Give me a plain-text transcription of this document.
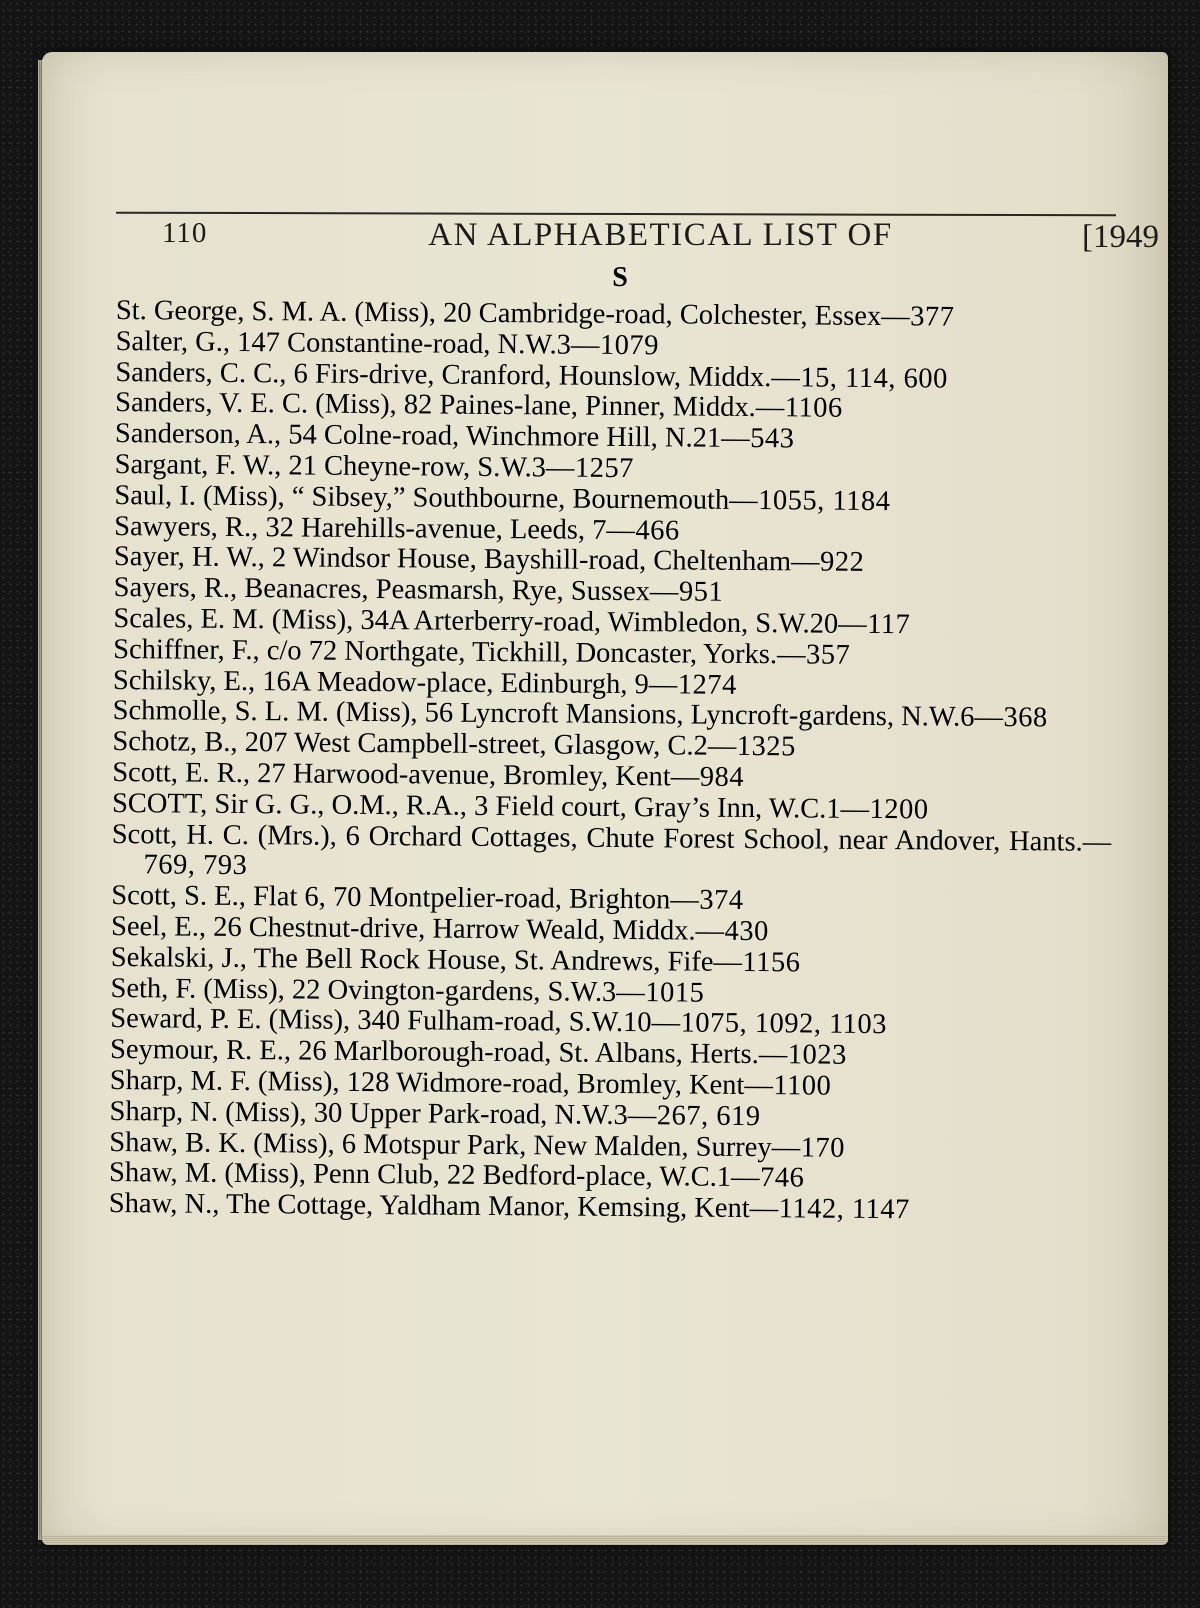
110	AN ALPHABETICAL LIST OF	[1949
S

St. George, S. M. A. (Miss), 20 Cambridge-road, Colchester, Essex—377

Salter, G., 147 Constantine-road, N.W.3—1079

Sanders, C. C., 6 Firs-drive, Cranford, Hounslow, Middx.—15, 114, 600

Sanders, V. E. C. (Miss), 82 Paines-lane, Pinner, Middx.—1106

Sanderson, A., 54 Colne-road, Winchmore Hill, N.21—543

Sargant, F. W., 21 Cheyne-row, S.W.3—1257

Saul, I. (Miss), “ Sibsey,” Southbourne, Bournemouth—1055, 1184

Sawyers, R., 32 Harehills-avenue, Leeds, 7—466

Sayer, H. W., 2 Windsor House, Bayshill-road, Cheltenham—922

Sayers, R., Beanacres, Peasmarsh, Rye, Sussex—951

Scales, E. M. (Miss), 34A Arterberry-road, Wimbledon, S.W.20—117

Schiffner, F., c/o 72 Northgate, Tickhill, Doncaster, Yorks.—357

Schilsky, E., 16A Meadow-place, Edinburgh, 9—1274

Schmolle, S. L. M. (Miss), 56 Lyncroft Mansions, Lyncroft-gardens, N.W.6—368

Schotz, B., 207 West Campbell-street, Glasgow, C.2—1325

Scott, E. R., 27 Harwood-avenue, Bromley, Kent—984

SCOTT, Sir G. G., O.M., R.A., 3 Field court, Gray’s Inn, W.C.1—1200

Scott, H. C. (Mrs.), 6 Orchard Cottages, Chute Forest School, near Andover, Hants.—769, 793

Scott, S. E., Flat 6, 70 Montpelier-road, Brighton—374

Seel, E., 26 Chestnut-drive, Harrow Weald, Middx.—430

Sekalski, J., The Bell Rock House, St. Andrews, Fife—1156

Seth, F. (Miss), 22 Ovington-gardens, S.W.3—1015

Seward, P. E. (Miss), 340 Fulham-road, S.W.10—1075, 1092, 1103

Seymour, R. E., 26 Marlborough-road, St. Albans, Herts.—1023

Sharp, M. F. (Miss), 128 Widmore-road, Bromley, Kent—1100

Sharp, N. (Miss), 30 Upper Park-road, N.W.3—267, 619

Shaw, B. K. (Miss), 6 Motspur Park, New Malden, Surrey—170

Shaw, M. (Miss), Penn Club, 22 Bedford-place, W.C.1—746

Shaw, N., The Cottage, Yaldham Manor, Kemsing, Kent—1142, 1147
